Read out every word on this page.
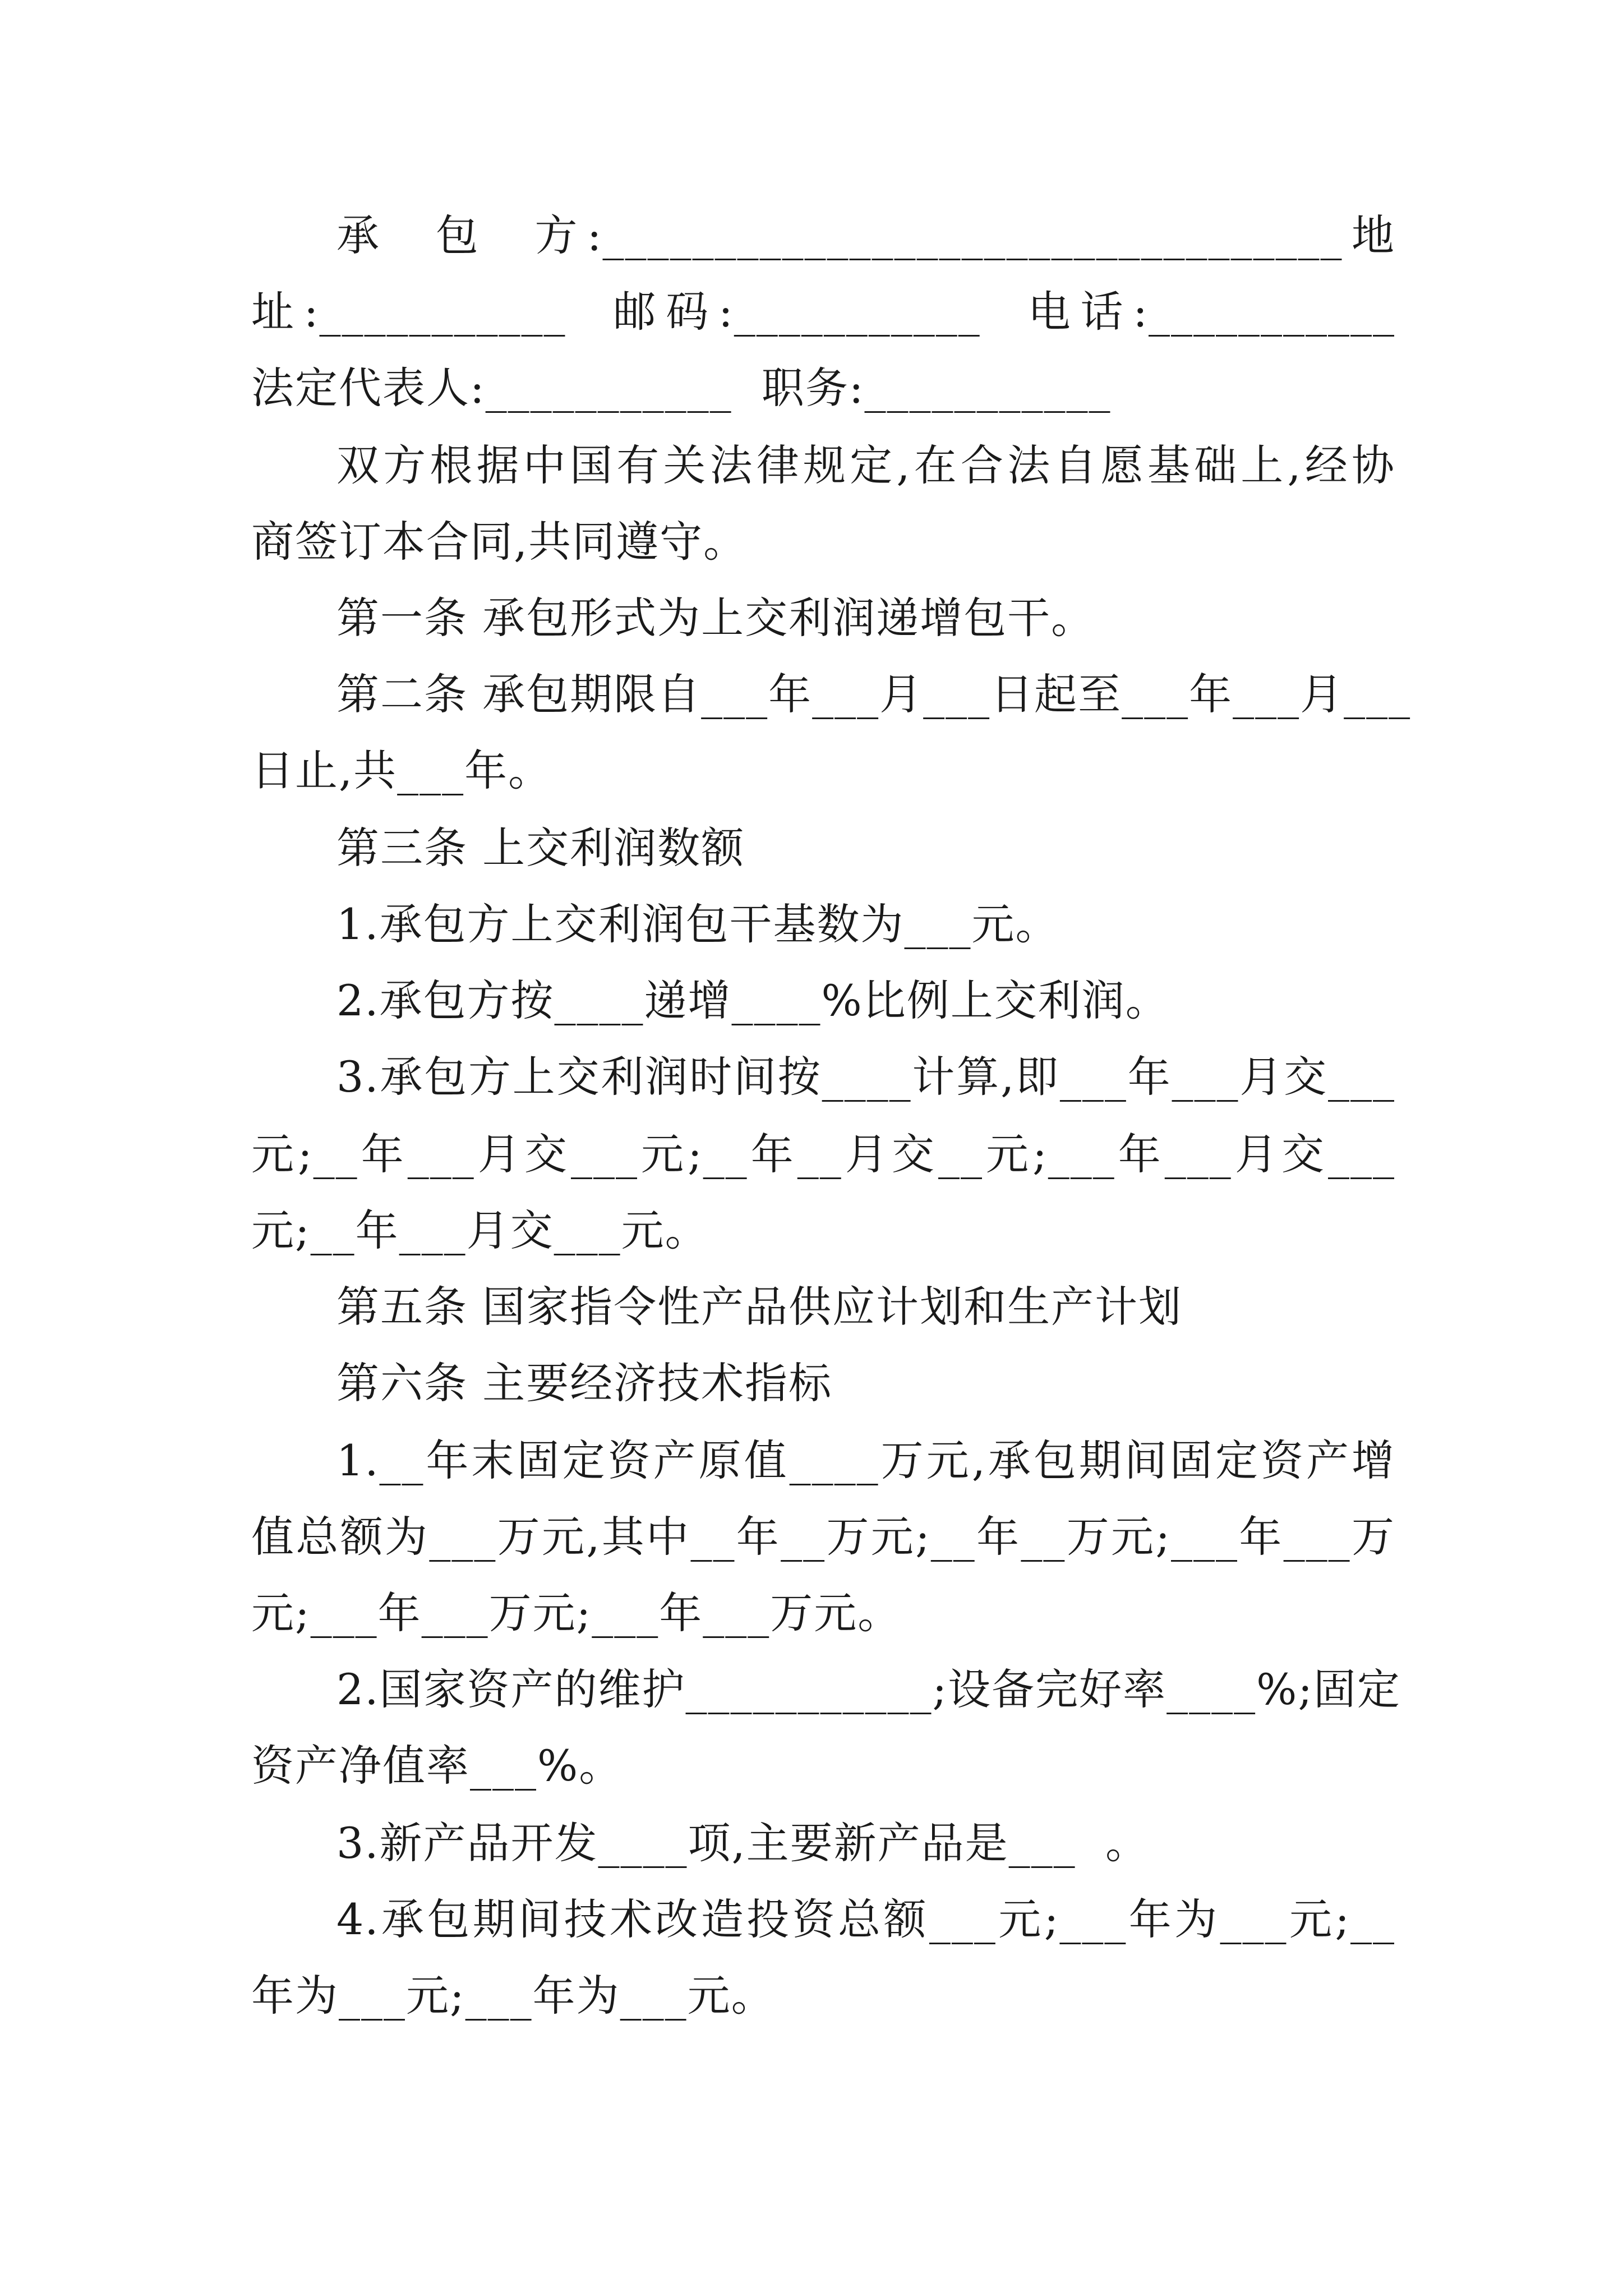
承  包  方:_________________________________地
址:___________  邮码:___________  电话:___________
法定代表人:___________  职务:___________
双方根据中国有关法律规定,在合法自愿基础上,经协
商签订本合同,共同遵守。
第一条 承包形式为上交利润递增包干。
第二条 承包期限自___年___月___日起至___年___月___
日止,共___年。
第三条 上交利润数额
1.承包方上交利润包干基数为___元。
2.承包方按____递增____%比例上交利润。
3.承包方上交利润时间按____计算,即___年___月交___
元;__年___月交___元;__年__月交__元;___年___月交___
元;__年___月交___元。
第五条 国家指令性产品供应计划和生产计划
第六条 主要经济技术指标
1.__年末固定资产原值____万元,承包期间固定资产增
值总额为___万元,其中__年__万元;__年__万元;___年___万
元;___年___万元;___年___万元。
2.国家资产的维护___________;设备完好率____%;固定
资产净值率___%。
3.新产品开发____项,主要新产品是___  。
4.承包期间技术改造投资总额___元;___年为___元;__
年为___元;___年为___元。
